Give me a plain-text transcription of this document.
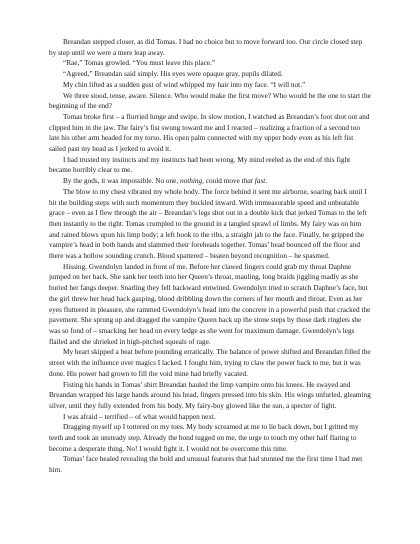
Breandan stepped closer, as did Tomas. I had no choice but to move forward too. Our circle closed step by step until we were a mere leap away.

“Rae,” Tomas growled. “You must leave this place.”

“Agreed,” Breandan said simply. His eyes were opaque gray, pupils dilated.

My chin lifted as a sudden gust of wind whipped my hair into my face. “I will not.”

We three stood, tense, aware. Silence. Who would make the first move? Who would be the one to start the beginning of the end?

Tomas broke first – a flurried lunge and swipe. In slow motion, I watched as Breandan’s foot shot out and clipped him in the jaw. The fairy’s fist swung toward me and I reacted – realizing a fraction of a second too late his other arm headed for my torso. His open palm connected with my upper body even as his left fist sailed past my head as I jerked to avoid it.

I had trusted my instincts and my instincts had been wrong. My mind reeled as the end of this fight became horribly clear to me.

By the gods, it was impossible. No one, nothing, could move that fast.

The blow to my chest vibrated my whole body. The force behind it sent me airborne, soaring back until I hit the building steps with such momentum they buckled inward. With immeasurable speed and unbeatable grace – even as I flew through the air – Breandan’s legs shot out in a double kick that jerked Tomas to the left then instantly to the right. Tomas crumpled to the ground in a tangled sprawl of limbs. My fairy was on him and rained blows upon his limp body; a left hook to the ribs, a straight jab to the face. Finally, he gripped the vampire’s head in both hands and slammed their foreheads together. Tomas’ head bounced off the floor and there was a hollow sounding crunch. Blood spattered – beaten beyond recognition – he spasmed.

Hissing, Gwendolyn landed in front of me. Before her clawed fingers could grab my throat Daphne jumped on her back. She sank her teeth into her Queen’s throat, mauling, long braids jiggling madly as she buried her fangs deeper. Snarling they fell backward entwined. Gwendolyn tried to scratch Daphne’s face, but the girl threw her head back gasping, blood dribbling down the corners of her mouth and throat. Even as her eyes fluttered in pleasure, she rammed Gwendolyn’s head into the concrete in a powerful push that cracked the pavement. She sprung up and dragged the vampire Queen back up the stone steps by those dark ringlets she was so fond of – smacking her head on every ledge as she went for maximum damage. Gwendolyn’s legs flailed and she shrieked in high-pitched squeals of rage.

My heart skipped a beat before pounding erratically. The balance of power shifted and Breandan filled the street with the influence over magics I lacked. I fought him, trying to claw the power back to me, but it was done. His power had grown to fill the void mine had briefly vacated.

Fisting his hands in Tomas’ shirt Breandan hauled the limp vampire onto his knees. He swayed and Breandan wrapped his large hands around his head, fingers pressed into his skin. His wings unfurled, gleaming silver, until they fully extended from his body. My fairy-boy glowed like the sun, a specter of light.

I was afraid – terrified – of what would happen next.

Dragging myself up I tottered on my toes. My body screamed at me to lie back down, but I gritted my teeth and took an unsteady step. Already the bond tugged on me, the urge to touch my other half flaring to become a desperate thing. No! I would fight it. I would not be overcome this time.

Tomas’ face healed revealing the bold and unusual features that had stunned me the first time I had met him.
